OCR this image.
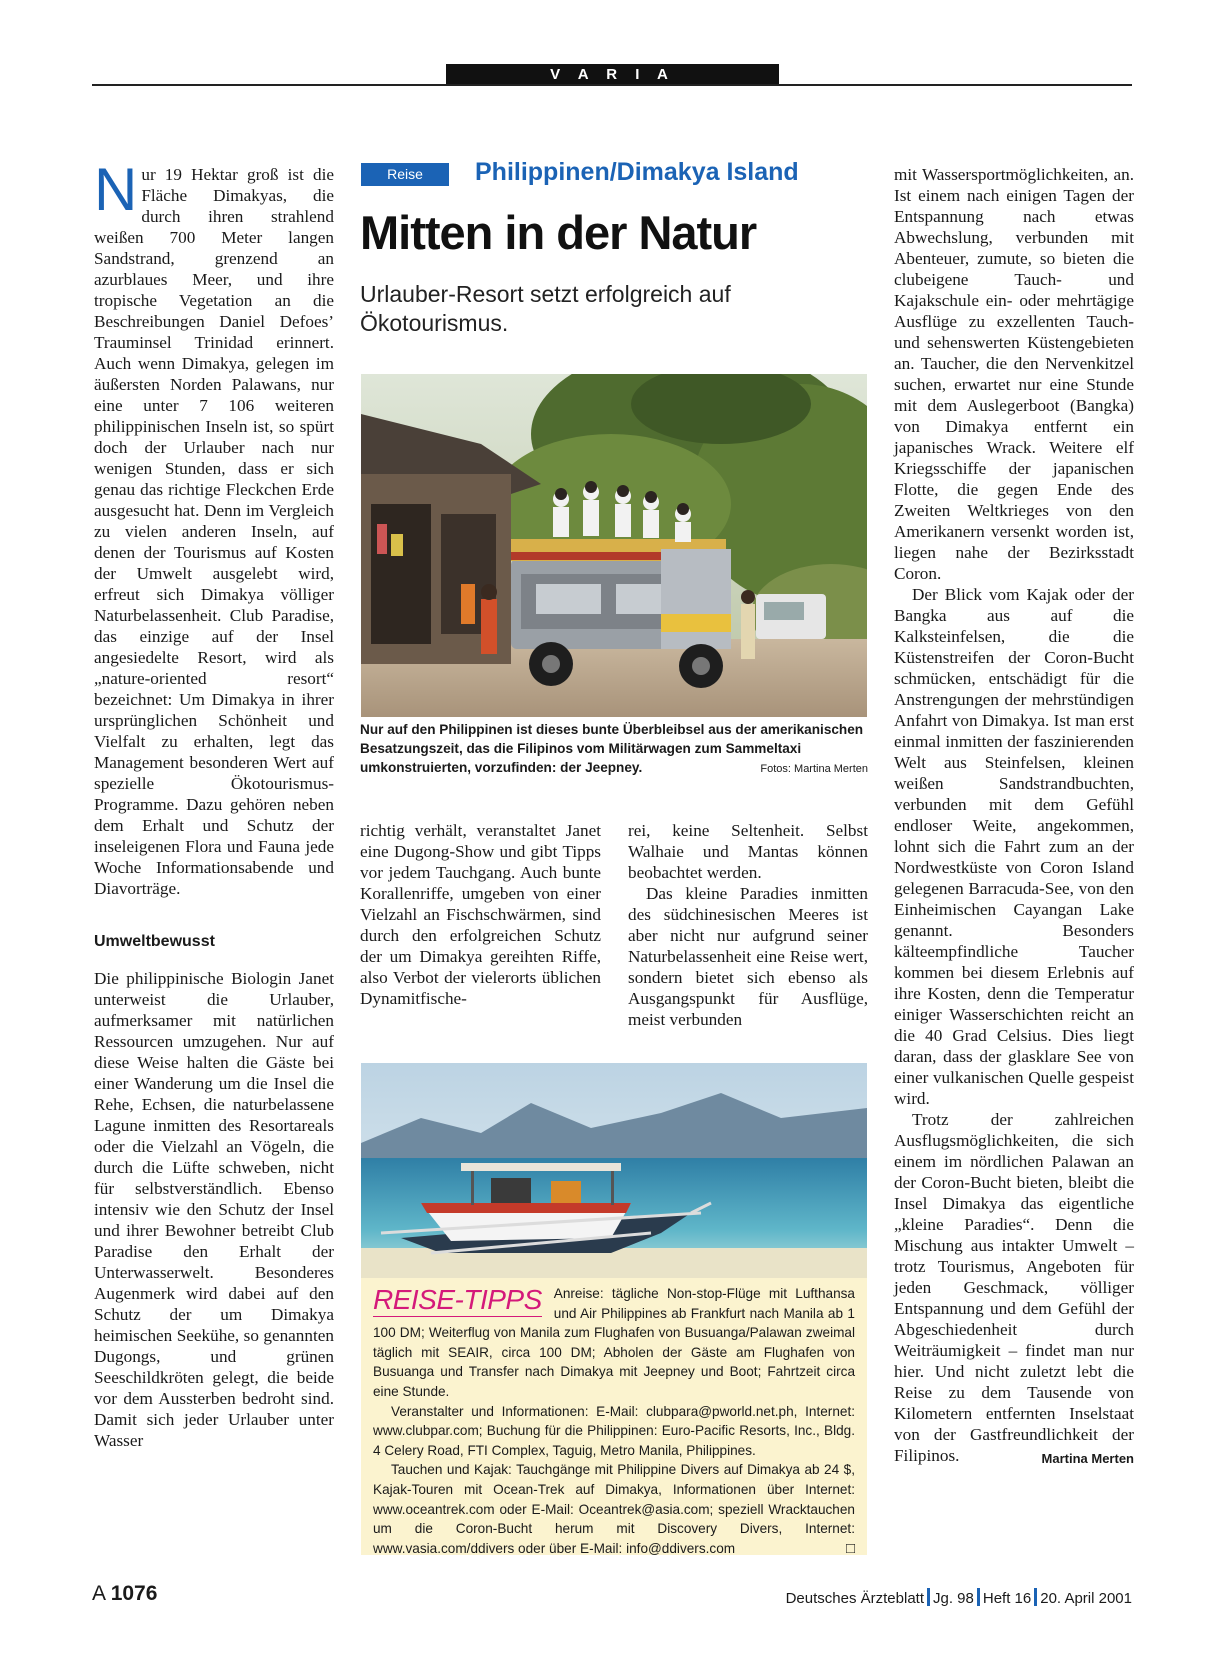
V A R I A

Nur 19 Hektar groß ist die Fläche Dimakyas, die durch ihren strahlend weißen 700 Meter langen Sandstrand, grenzend an azurblaues Meer, und ihre tropische Vegetation an die Beschreibungen Daniel Defoes’ Trauminsel Trinidad erinnert. Auch wenn Dimakya, gelegen im äußersten Norden Palawans, nur eine unter 7 106 weiteren philippinischen Inseln ist, so spürt doch der Urlauber nach nur wenigen Stunden, dass er sich genau das richtige Fleckchen Erde ausgesucht hat. Denn im Vergleich zu vielen anderen Inseln, auf denen der Tourismus auf Kosten der Umwelt ausgelebt wird, erfreut sich Dimakya völliger Naturbelassenheit. Club Paradise, das einzige auf der Insel angesiedelte Resort, wird als „nature-oriented resort“ bezeichnet: Um Dimakya in ihrer ursprünglichen Schönheit und Vielfalt zu erhalten, legt das Management besonderen Wert auf spezielle Ökotourismus-Programme. Dazu gehören neben dem Erhalt und Schutz der inseleigenen Flora und Fauna jede Woche Informationsabende und Diavorträge.

Umweltbewusst

Die philippinische Biologin Janet unterweist die Urlauber, aufmerksamer mit natürlichen Ressourcen umzugehen. Nur auf diese Weise halten die Gäste bei einer Wanderung um die Insel die Rehe, Echsen, die naturbelassene Lagune inmitten des Resortareals oder die Vielzahl an Vögeln, die durch die Lüfte schweben, nicht für selbstverständlich. Ebenso intensiv wie den Schutz der Insel und ihrer Bewohner betreibt Club Paradise den Erhalt der Unterwasserwelt. Besonderes Augenmerk wird dabei auf den Schutz der um Dimakya heimischen Seekühe, so genannten Dugongs, und grünen Seeschildkröten gelegt, die beide vor dem Aussterben bedroht sind. Damit sich jeder Urlauber unter Wasser

Reise	Philippinen/Dimakya Island
Mitten in der Natur
Urlauber-Resort setzt erfolgreich auf Ökotourismus.
Nur auf den Philippinen ist dieses bunte Überbleibsel aus der amerikanischen Besatzungszeit, das die Filipinos vom Militärwagen zum Sammeltaxi umkonstruierten, vorzufinden: der Jeepney.	Fotos: Martina Merten

richtig verhält, veranstaltet Janet eine Dugong-Show und gibt Tipps vor jedem Tauchgang. Auch bunte Korallenriffe, umgeben von einer Vielzahl an Fischschwärmen, sind durch den erfolgreichen Schutz der um Dimakya gereihten Riffe, also Verbot der vielerorts üblichen Dynamitfische-

rei, keine Seltenheit. Selbst Walhaie und Mantas können beobachtet werden.

Das kleine Paradies inmitten des südchinesischen Meeres ist aber nicht nur aufgrund seiner Naturbelassenheit eine Reise wert, sondern bietet sich ebenso als Ausgangspunkt für Ausflüge, meist verbunden

REISE-TIPPS Anreise: tägliche Non-stop-Flüge mit Lufthansa und Air Philippines ab Frankfurt nach Manila ab 1 100 DM; Weiterflug von Manila zum Flughafen von Busuanga/Palawan zweimal täglich mit SEAIR, circa 100 DM; Abholen der Gäste am Flughafen von Busuanga und Transfer nach Dimakya mit Jeepney und Boot; Fahrtzeit circa eine Stunde.

Veranstalter und Informationen: E-Mail: clubpara@pworld.net.ph, Internet: www.clubpar.com; Buchung für die Philippinen: Euro-Pacific Resorts, Inc., Bldg. 4 Celery Road, FTI Complex, Taguig, Metro Manila, Philippines.

Tauchen und Kajak: Tauchgänge mit Philippine Divers auf Dimakya ab 24 $, Kajak-Touren mit Ocean-Trek auf Dimakya, Informationen über Internet: www.oceantrek.com oder E-Mail: Oceantrek@asia.com; speziell Wracktauchen um die Coron-Bucht herum mit Discovery Divers, Internet: www.vasia.com/ddivers oder über E-Mail: info@ddivers.com	□

mit Wassersportmöglichkeiten, an. Ist einem nach einigen Tagen der Entspannung nach etwas Abwechslung, verbunden mit Abenteuer, zumute, so bieten die clubeigene Tauch- und Kajakschule ein- oder mehrtägige Ausflüge zu exzellenten Tauch- und sehenswerten Küstengebieten an. Taucher, die den Nervenkitzel suchen, erwartet nur eine Stunde mit dem Auslegerboot (Bangka) von Dimakya entfernt ein japanisches Wrack. Weitere elf Kriegsschiffe der japanischen Flotte, die gegen Ende des Zweiten Weltkrieges von den Amerikanern versenkt worden ist, liegen nahe der Bezirksstadt Coron.

Der Blick vom Kajak oder der Bangka aus auf die Kalksteinfelsen, die die Küstenstreifen der Coron-Bucht schmücken, entschädigt für die Anstrengungen der mehrstündigen Anfahrt von Dimakya. Ist man erst einmal inmitten der faszinierenden Welt aus Steinfelsen, kleinen weißen Sandstrandbuchten, verbunden mit dem Gefühl endloser Weite, angekommen, lohnt sich die Fahrt zum an der Nordwestküste von Coron Island gelegenen Barracuda-See, von den Einheimischen Cayangan Lake genannt. Besonders kälteempfindliche Taucher kommen bei diesem Erlebnis auf ihre Kosten, denn die Temperatur einiger Wasserschichten reicht an die 40 Grad Celsius. Dies liegt daran, dass der glasklare See von einer vulkanischen Quelle gespeist wird.

Trotz der zahlreichen Ausflugsmöglichkeiten, die sich einem im nördlichen Palawan an der Coron-Bucht bieten, bleibt die Insel Dimakya das eigentliche „kleine Paradies“. Denn die Mischung aus intakter Umwelt – trotz Tourismus, Angeboten für jeden Geschmack, völliger Entspannung und dem Gefühl der Abgeschiedenheit durch Weiträumigkeit – findet man nur hier. Und nicht zuletzt lebt die Reise zu dem Tausende von Kilometern entfernten Inselstaat von der Gastfreundlichkeit der Filipinos.	Martina Merten

A 1076	Deutsches Ärzteblatt Jg. 98 Heft 16 20. April 2001
